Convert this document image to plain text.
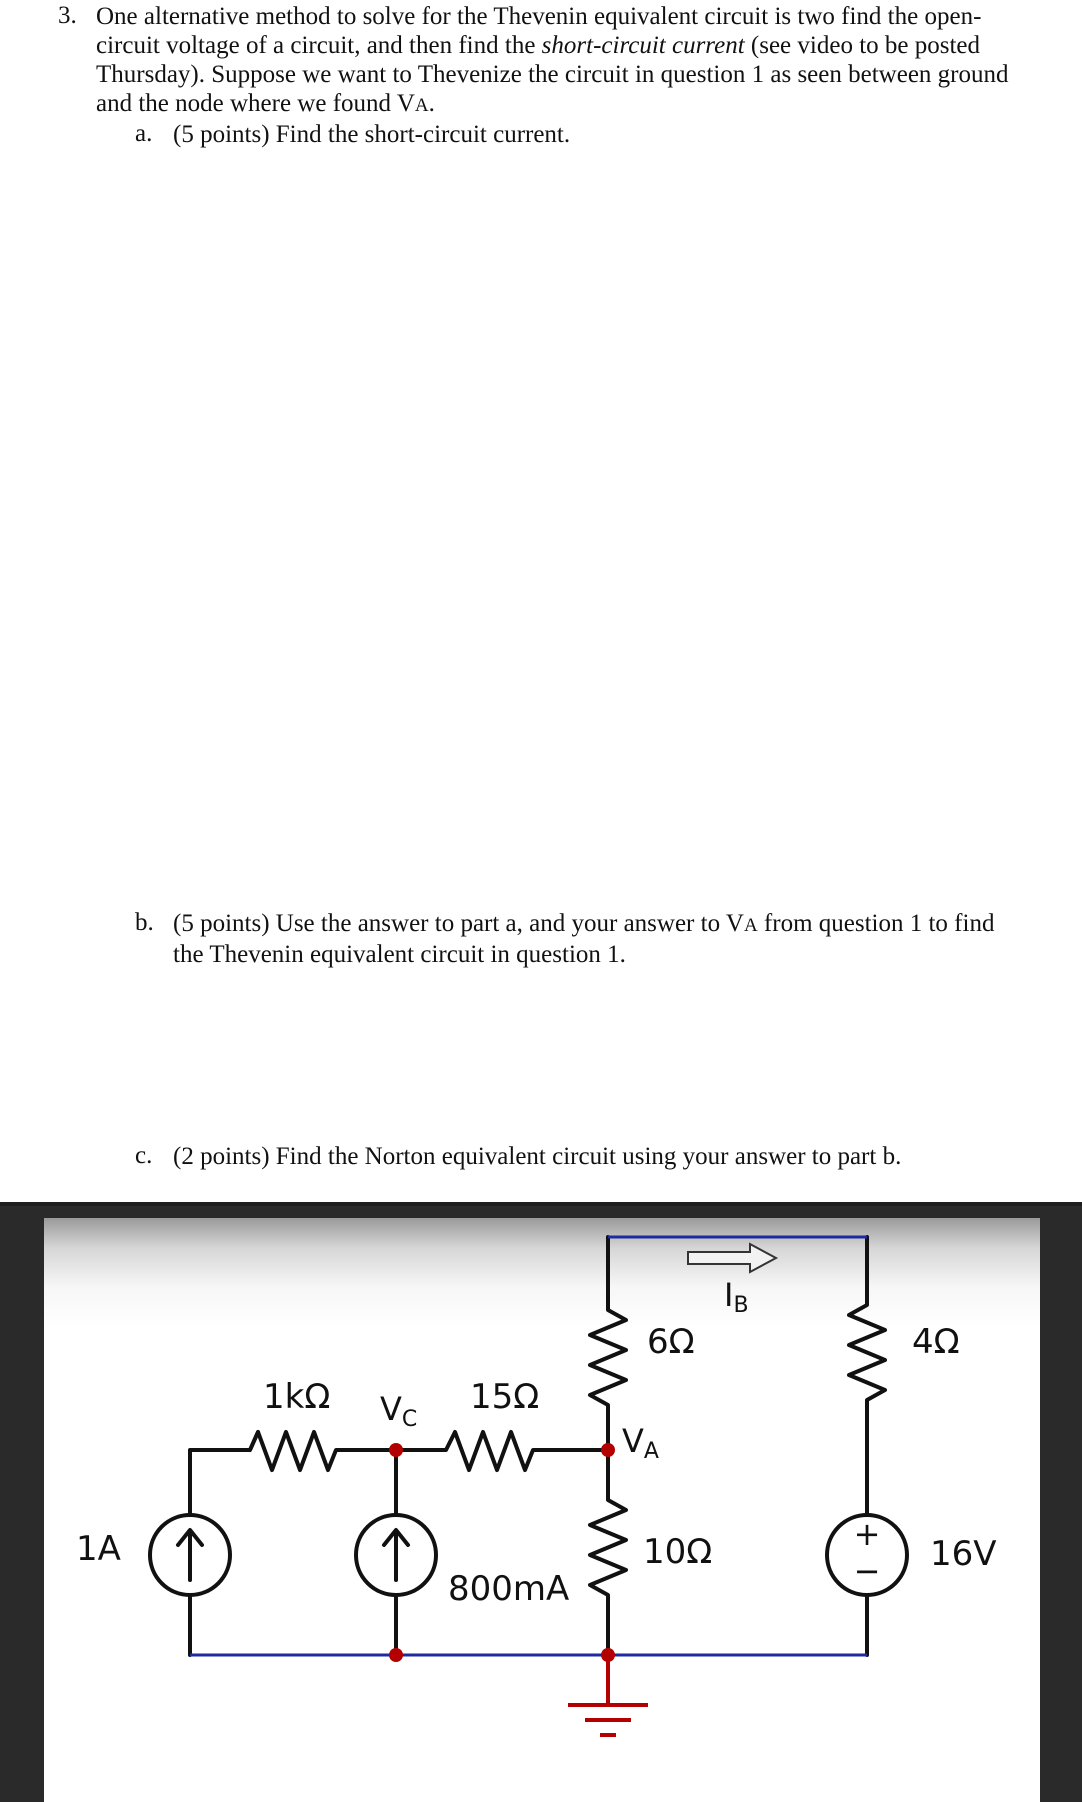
3. One alternative method to solve for the Thevenin equivalent circuit is two find the open-circuit voltage of a circuit, and then find the short-circuit current (see video to be posted Thursday). Suppose we want to Thevenize the circuit in question 1 as seen between ground and the node where we found VA.
a. (5 points) Find the short-circuit current.
b. (5 points) Use the answer to part a, and your answer to VA from question 1 to find the Thevenin equivalent circuit in question 1.
c. (2 points) Find the Norton equivalent circuit using your answer to part b.
+
−
1kΩ	15Ω
6Ω	4Ω
10Ω
VC
VA
IB
1A
800mA
16V
